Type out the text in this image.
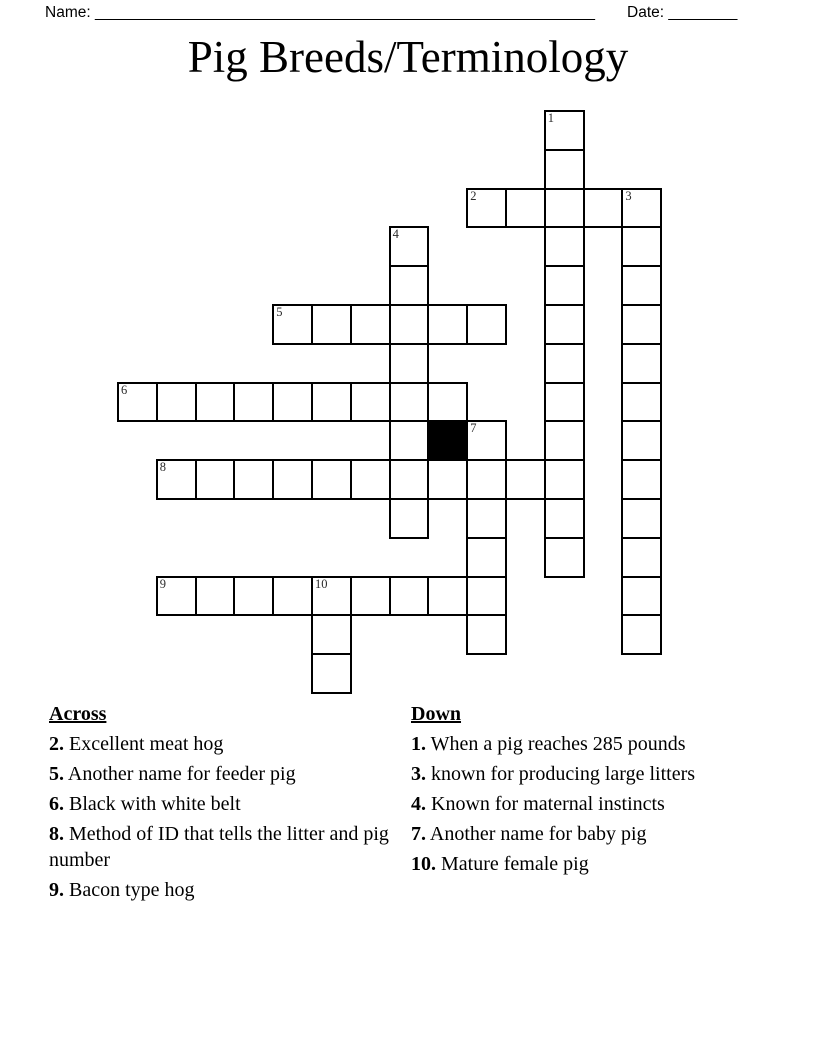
Name: __________________________________________________________ Date: ________
Pig Breeds/Terminology
1
2	3
4
5
6
7
8
9	10

Across

2. Excellent meat hog

5. Another name for feeder pig

6. Black with white belt

8. Method of ID that tells the litter and pig number

9. Bacon type hog

Down

1. When a pig reaches 285 pounds

3. known for producing large litters

4. Known for maternal instincts

7. Another name for baby pig

10. Mature female pig
